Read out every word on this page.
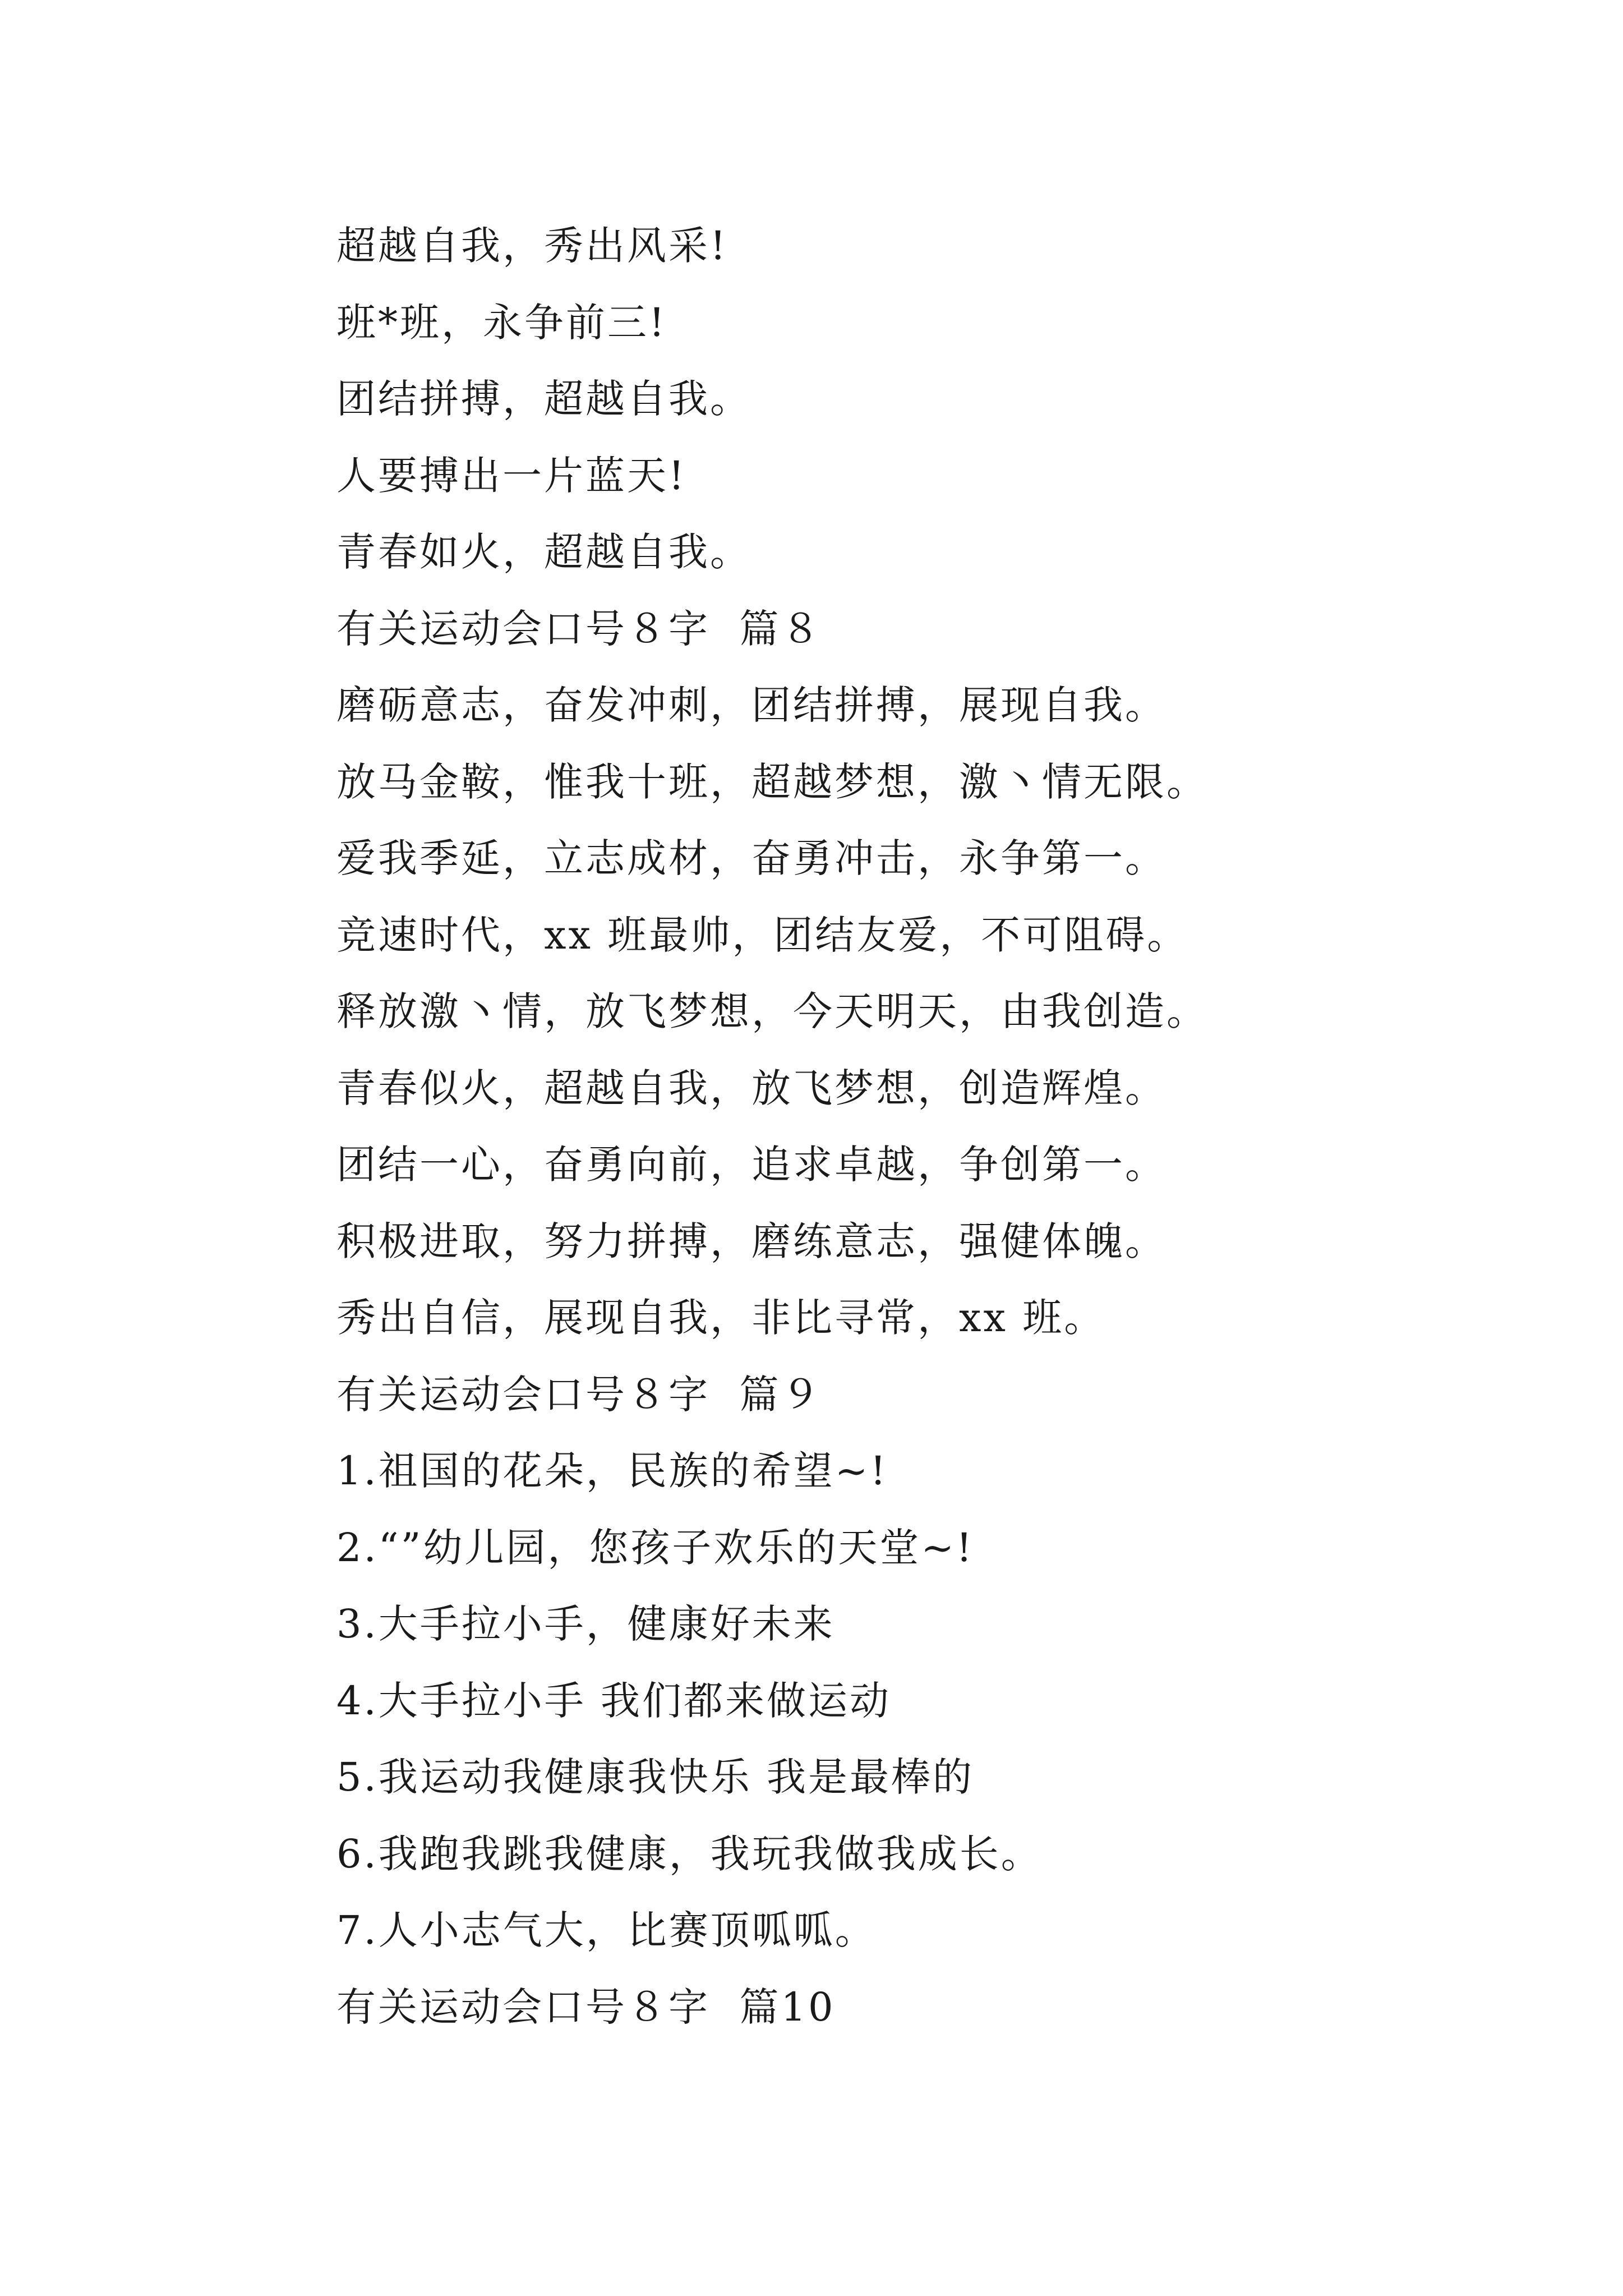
超越自我，秀出风采!
班*班，永争前三!
团结拼搏，超越自我。
人要搏出一片蓝天!
青春如火，超越自我。
有关运动会口号８字  篇８
磨砺意志，奋发冲刺，团结拼搏，展现自我。
放马金鞍，惟我十班，超越梦想，激丶情无限。
爱我季延，立志成材，奋勇冲击，永争第一。
竞速时代，xx 班最帅，团结友爱，不可阻碍。
释放激丶情，放飞梦想，今天明天，由我创造。
青春似火，超越自我，放飞梦想，创造辉煌。
团结一心，奋勇向前，追求卓越，争创第一。
积极进取，努力拼搏，磨练意志，强健体魄。
秀出自信，展现自我，非比寻常，xx 班。
有关运动会口号８字  篇９
1.祖国的花朵，民族的希望~!
2.“”幼儿园，您孩子欢乐的天堂~!
3.大手拉小手，健康好未来
4.大手拉小手 我们都来做运动
5.我运动我健康我快乐 我是最棒的
6.我跑我跳我健康，我玩我做我成长。
7.人小志气大，比赛顶呱呱。
有关运动会口号８字  篇10
